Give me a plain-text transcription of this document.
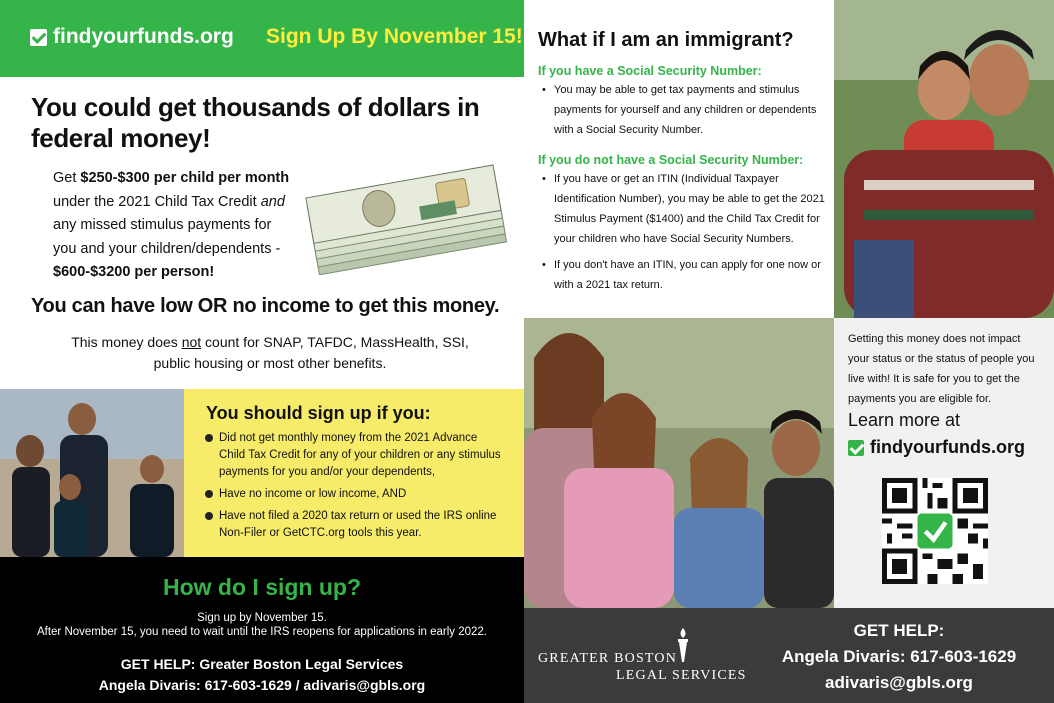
findyourfunds.org Sign Up By November 15!
You could get thousands of dollars in federal money!
Get $250-$300 per child per month under the 2021 Child Tax Credit and any missed stimulus payments for you and your children/dependents - $600-$3200 per person!
You can have low OR no income to get this money.
This money does not count for SNAP, TAFDC, MassHealth, SSI, public housing or most other benefits.
You should sign up if you:
Did not get monthly money from the 2021 Advance Child Tax Credit for any of your children or any stimulus payments for you and/or your dependents,
Have no income or low income, AND
Have not filed a 2020 tax return or used the IRS online Non-Filer or GetCTC.org tools this year.
How do I sign up?
Sign up by November 15.
After November 15, you need to wait until the IRS reopens for applications in early 2022.
GET HELP: Greater Boston Legal Services
Angela Divaris: 617-603-1629 / adivaris@gbls.org
What if I am an immigrant?
If you have a Social Security Number:
• You may be able to get tax payments and stimulus payments for yourself and any children or dependents with a Social Security Number.
If you do not have a Social Security Number:
• If you have or get an ITIN (Individual Taxpayer Identification Number), you may be able to get the 2021 Stimulus Payment ($1400) and the Child Tax Credit for your children who have Social Security Numbers.
• If you don't have an ITIN, you can apply for one now or with a 2021 tax return.
Getting this money does not impact your status or the status of people you live with! It is safe for you to get the payments you are eligible for.
Learn more at
findyourfunds.org
GREATER BOSTON
LEGAL SERVICES
GET HELP:
Angela Divaris: 617-603-1629
adivaris@gbls.org
